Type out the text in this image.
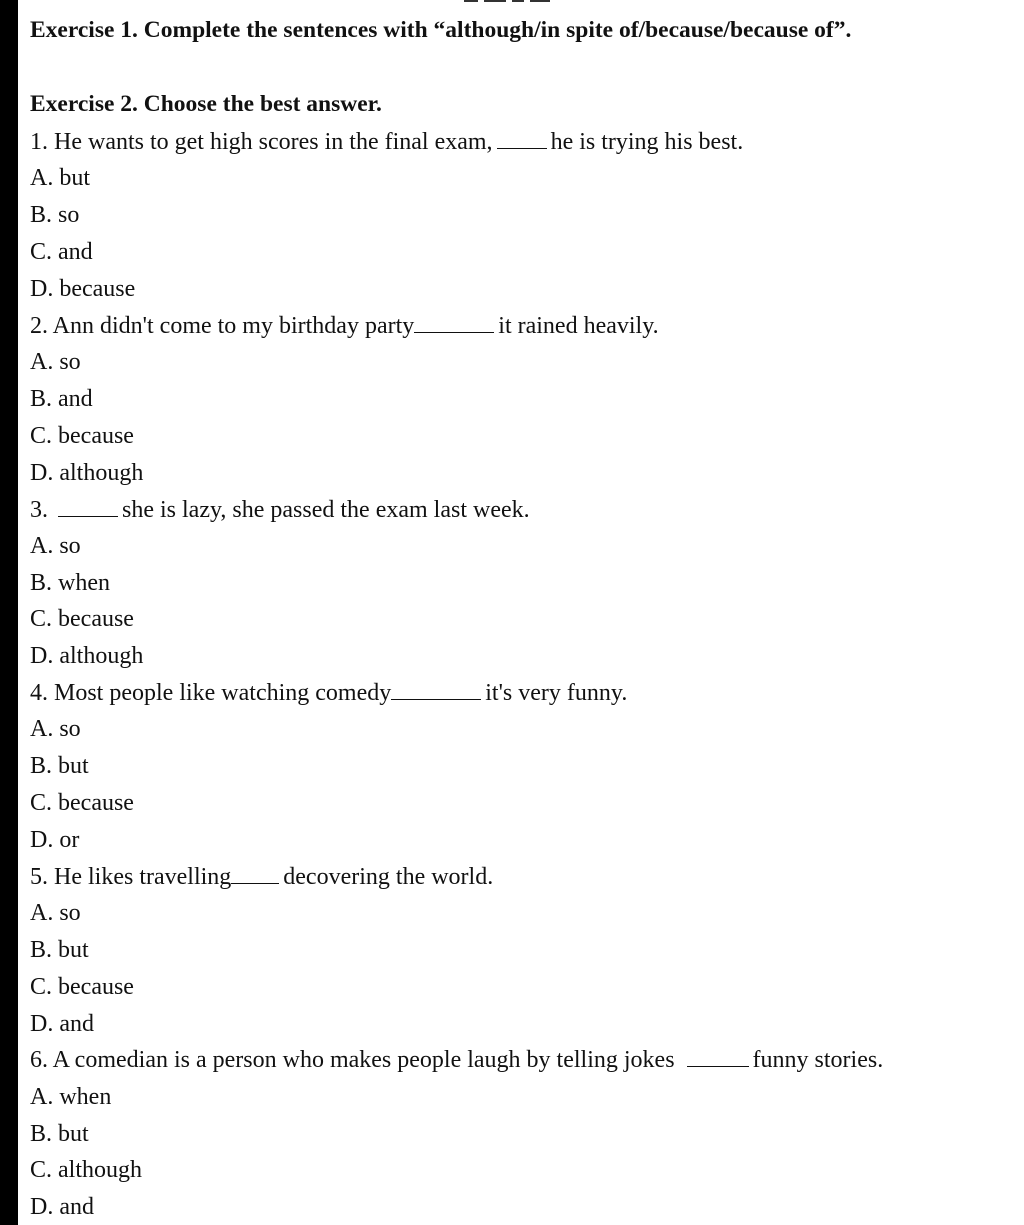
Exercise 1. Complete the sentences with “although/in spite of/because/because of”.
Exercise 2. Choose the best answer.
1. He wants to get high scores in the final exam, he is trying his best.
A. but
B. so
C. and
D. because
2. Ann didn't come to my birthday party	it rained heavily.
A. so
B. and
C. because
D. although
3.	she is lazy, she passed the exam last week.
A. so
B. when
C. because
D. although
4. Most people like watching comedy	it's very funny.
A. so
B. but
C. because
D. or
5. He likes travelling decovering the world.
A. so
B. but
C. because
D. and
6. A comedian is a person who makes people laugh by telling jokes	funny stories.
A. when
B. but
C. although
D. and
